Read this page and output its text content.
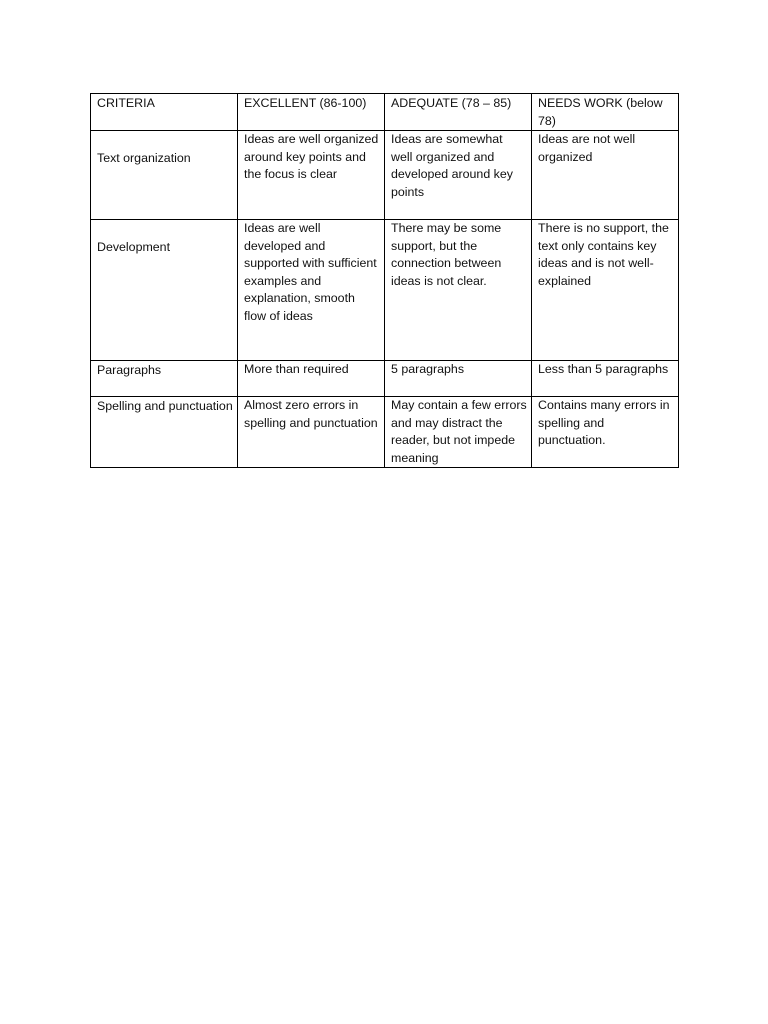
CRITERIA	EXCELLENT (86-100)	ADEQUATE (78 – 85)	NEEDS WORK (below 78)
Text organization	Ideas are well organized around key points and the focus is clear	Ideas are somewhat well organized and developed around key points	Ideas are not well organized
Development	Ideas are well developed and supported with sufficient examples and explanation, smooth flow of ideas	There may be some support, but the connection between ideas is not clear.	There is no support, the text only contains key ideas and is not well-explained
Paragraphs	More than required	5 paragraphs	Less than 5 paragraphs
Spelling and punctuation	Almost zero errors in spelling and punctuation	May contain a few errors and may distract the reader, but not impede meaning	Contains many errors in spelling and punctuation.
